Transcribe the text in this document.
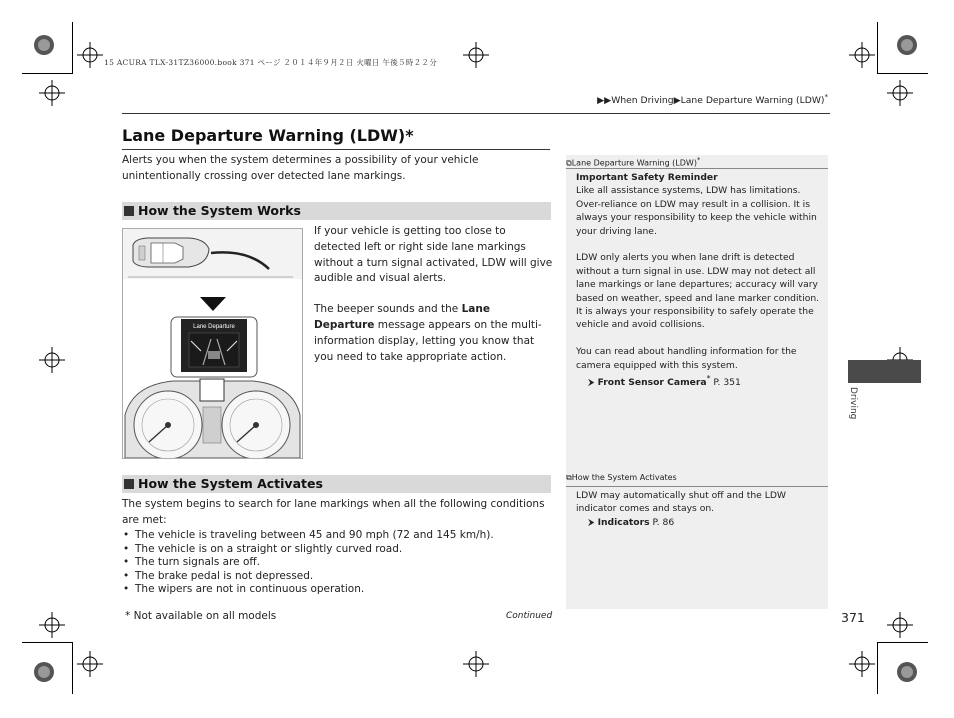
15 ACURA TLX-31TZ36000.book 371 ページ ２０１４年９月２日 火曜日 午後５時２２分
▶▶When Driving▶Lane Departure Warning (LDW)*
Lane Departure Warning (LDW)*
Alerts you when the system determines a possibility of your vehicle unintentionally crossing over detected lane markings.
How the System Works
Lane Departure

If your vehicle is getting too close to detected left or right side lane markings without a turn signal activated, LDW will give audible and visual alerts.

The beeper sounds and the Lane Departure message appears on the multi-information display, letting you know that you need to take appropriate action.

How the System Activates
The system begins to search for lane markings when all the following conditions are met:
• The vehicle is traveling between 45 and 90 mph (72 and 145 km/h).
• The vehicle is on a straight or slightly curved road.
• The turn signals are off.
• The brake pedal is not depressed.
• The wipers are not in continuous operation.
* Not available on all models	Continued	371
⧉Lane Departure Warning (LDW)*
Important Safety Reminder

Like all assistance systems, LDW has limitations. Over-reliance on LDW may result in a collision. It is always your responsibility to keep the vehicle within your driving lane.

LDW only alerts you when lane drift is detected without a turn signal in use. LDW may not detect all lane markings or lane departures; accuracy will vary based on weather, speed and lane marker condition. It is always your responsibility to safely operate the vehicle and avoid collisions.

You can read about handling information for the camera equipped with this system.
⮞ Front Sensor Camera* P. 351
⧉How the System Activates
LDW may automatically shut off and the LDW indicator comes and stays on.
⮞ Indicators P. 86
Driving
